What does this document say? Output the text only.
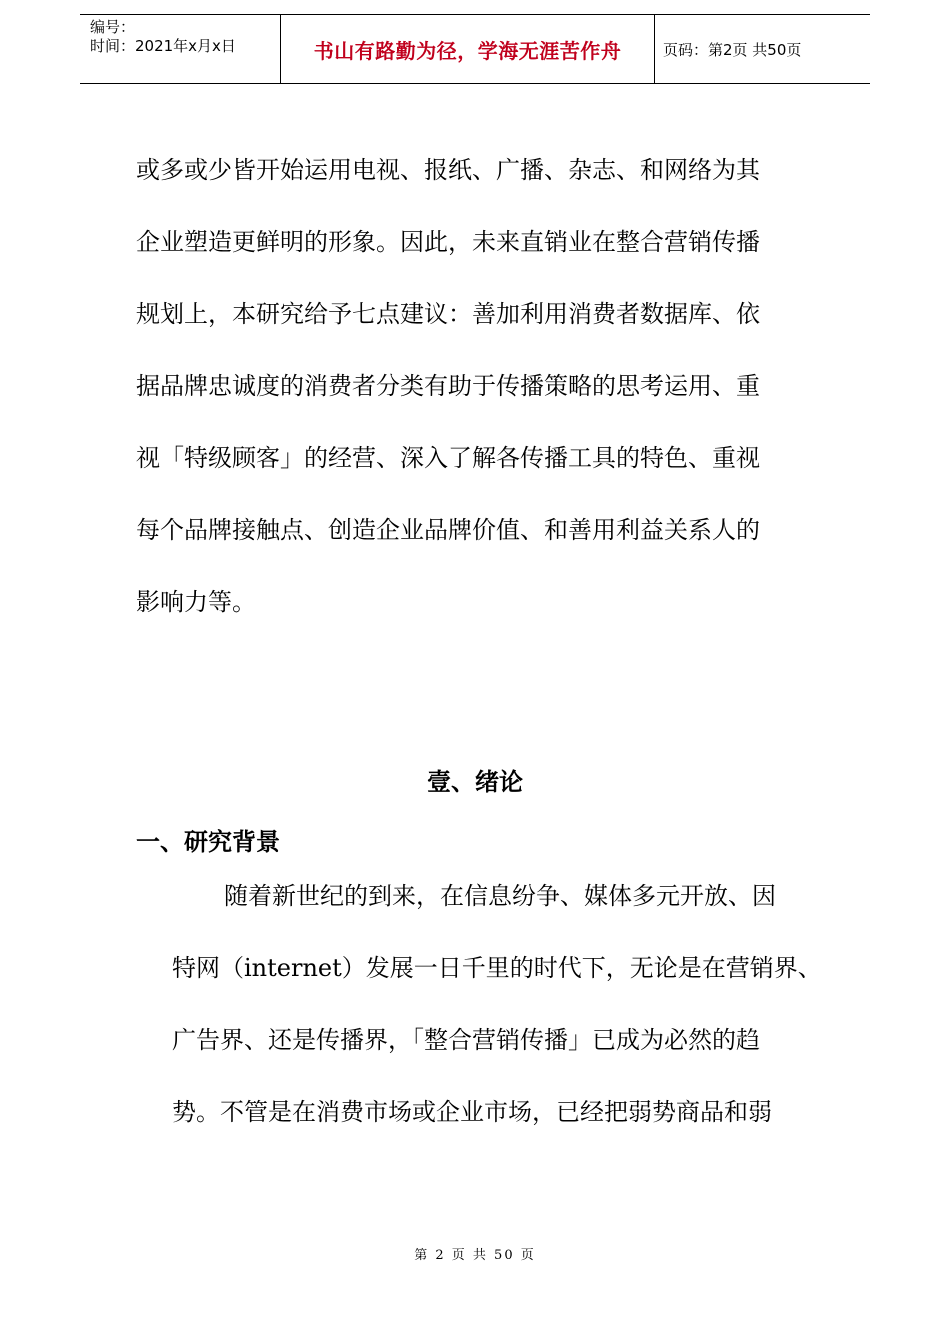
编号：
时间：2021年x月x日	书山有路勤为径，学海无涯苦作舟	页码：第2页 共50页
或多或少皆开始运用电视、报纸、广播、杂志、和网络为其
企业塑造更鲜明的形象。因此，未来直销业在整合营销传播
规划上，本研究给予七点建议：善加利用消费者数据库、依
据品牌忠诚度的消费者分类有助于传播策略的思考运用、重
视「特级顾客」的经营、深入了解各传播工具的特色、重视
每个品牌接触点、创造企业品牌价值、和善用利益关系人的
影响力等。
壹、绪论
一、研究背景
随着新世纪的到来，在信息纷争、媒体多元开放、因
特网（internet）发展一日千里的时代下，无论是在营销界、
广告界、还是传播界，「整合营销传播」已成为必然的趋
势。不管是在消费市场或企业市场，已经把弱势商品和弱
第 2 页 共 50 页
